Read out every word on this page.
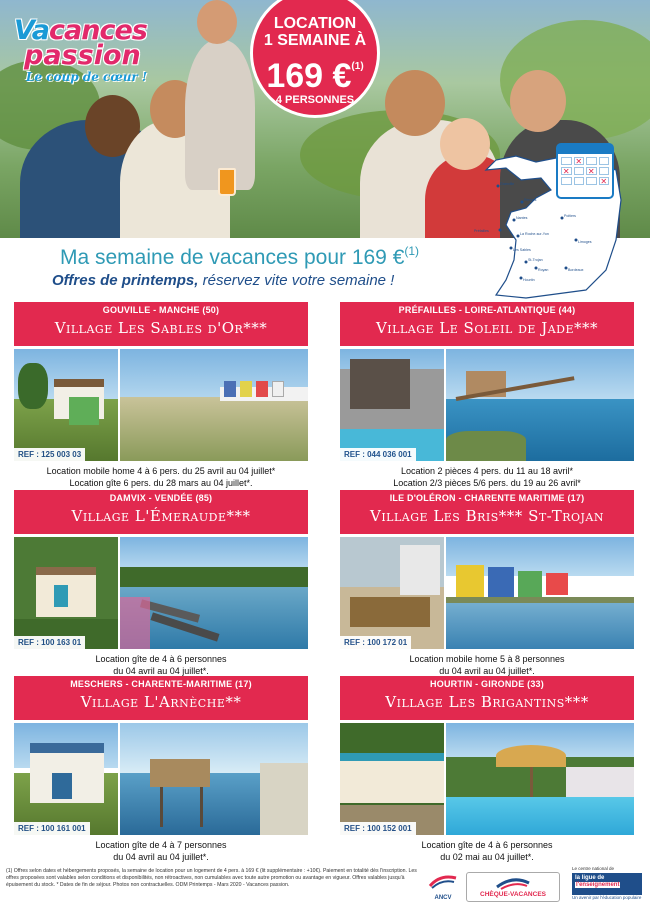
Vacances
passion
Le coup de cœur !
LOCATION
1 SEMAINE À
169 €$^{(1)}$
4 PERSONNES
Granville
Rennes
Nantes
Préfailles
La Roche-sur-Yon
Les Sables
St-Trojan
Royan	Bordeaux
Hourtin
Poitiers
Limoges
✕
✕ ✕
✕
Ma semaine de vacances pour 169 €$^{(1)}$
Offres de printemps, réservez vite votre semaine !
GOUVILLE - MANCHE (50)
Village Les Sables d'Or***
REF : 125 003 03
Location mobile home 4 à 6 pers. du 25 avril au 04 juillet*
Location gîte 6 pers. du 28 mars au 04 juillet*.
PRÉFAILLES - LOIRE-ATLANTIQUE (44)
Village Le Soleil de Jade***
REF : 044 036 001
Location 2 pièces 4 pers. du 11 au 18 avril*
Location 2/3 pièces 5/6 pers. du 19 au 26 avril*
DAMVIX - VENDÉE (85)
Village L'Émeraude***
REF : 100 163 01
Location gîte de 4 à 6 personnes
du 04 avril au 04 juillet*.
ILE D'OLÉRON - CHARENTE MARITIME (17)
Village Les Bris*** St-Trojan
REF : 100 172 01
Location mobile home 5 à 8 personnes
du 04 avril au 04 juillet*.
MESCHERS - CHARENTE-MARITIME (17)
Village L'Arnèche**
REF : 100 161 001
Location gîte de 4 à 7 personnes
du 04 avril au 04 juillet*.
HOURTIN - GIRONDE (33)
Village Les Brigantins***
REF : 100 152 001
Location gîte de 4 à 6 personnes
du 02 mai au 04 juillet*.
(1) Offres selon dates et hébergements proposés, la semaine de location pour un logement de 4 pers. à 169 € (lit supplémentaire : +10€). Paiement en totalité dès l'inscription. Les offres proposées sont valables selon conditions et disponibilités, non rétroactives, non cumulables avec toute autre promotion ou avantage en vigueur. Offres valables jusqu'à épuisement du stock. * Dates de fin de séjour. Photos non contractuelles. ODM Printemps - Mars 2020 - Vacances passion.
ANCV	CHÈQUE-VACANCES
Le centre national de
la ligue de
l'enseignement
Un avenir par l'éducation populaire
